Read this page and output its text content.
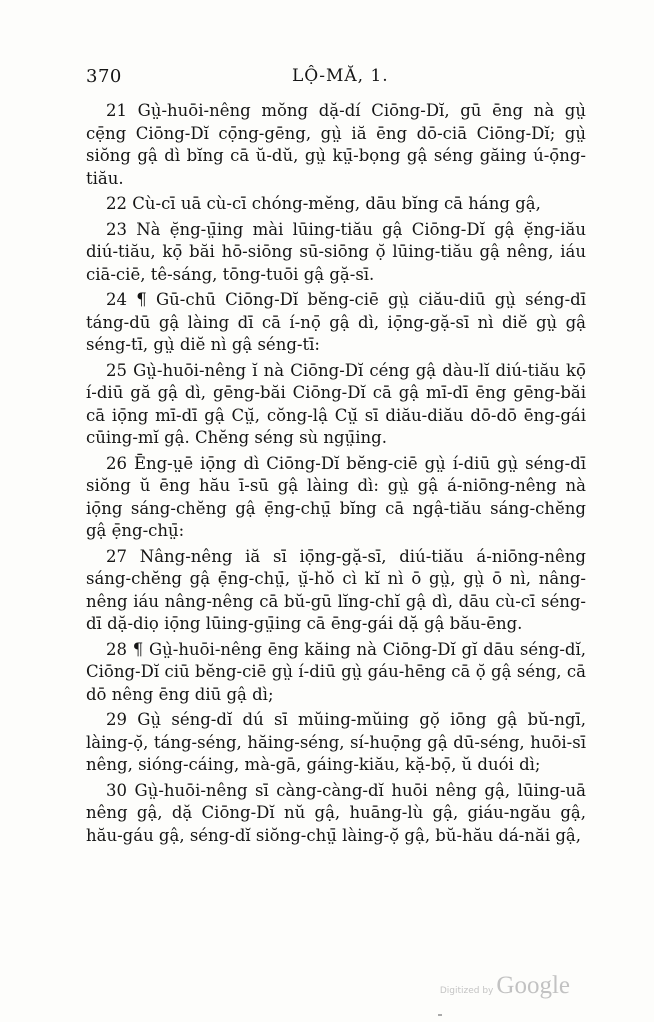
370	LỘ-MĂ, 1.

21 Gṳ̀-huōi-nêng mŏng dặ-dí Ciōng-Dĭ, gū ēng nà gṳ̀ cẹ̄ng Ciōng-Dĭ cọ̄ng-gēng, gṳ̀ iă ēng dō-ciā Ciōng-Dĭ; gṳ̀ siŏng gậ dì bĭng cā ŭ-dŭ, gṳ̀ kṳ̄-bọng gậ séng găing ú-ọ̄ng-tiău.

22 Cù-cī uā cù-cī chóng-mĕng, dāu bĭng cā háng gậ,

23 Nà ẹ̆ng-ṳ̄ing mài lūing-tiău gậ Ciōng-Dĭ gậ ẹ̆ng-iău diú-tiău, kọ̄ băi hō-siōng sū-siōng ọ̆ lūing-tiău gậ nêng, iáu ciā-ciē, tê-sáng, tōng-tuōi gậ gặ-sī.

24 ¶ Gū-chū Ciōng-Dĭ bĕng-ciē gṳ̀ ciău-diū gṳ̀ séng-dī táng-dū gậ làing dī cā í-nọ̄ gậ dì, iọ̄ng-gặ-sī nì diĕ gṳ̀ gậ séng-tī, gṳ̀ diĕ nì gậ séng-tī:

25 Gṳ̀-huōi-nêng ĭ nà Ciōng-Dĭ céng gậ dàu-lĭ diú-tiău kọ̄ í-diū gă gậ dì, gēng-băi Ciōng-Dĭ cā gậ mī-dī ēng gēng-băi cā iọ̄ng mī-dī gậ Cṳ̆, cŏng-lậ Cṳ̆ sī diău-diău dō-dō ēng-gái cūing-mĭ gậ. Chĕng séng sù ngṳ̄ing.

26 Ēng-ṳ̣ē iọ̄ng dì Ciōng-Dĭ bĕng-ciē gṳ̀ í-diū gṳ̀ séng-dī siŏng ŭ ēng hău ī-sū gậ làing dì: gṳ̀ gậ á-niōng-nêng nà iọ̄ng sáng-chĕng gậ ẹ̄ng-chṳ̄ bĭng cā ngậ-tiău sáng-chĕng gậ ẹ̄ng-chṳ̄:

27 Nâng-nêng iă sī iọ̄ng-gặ-sī, diú-tiău á-niōng-nêng sáng-chĕng gậ ẹ̄ng-chṳ̄, ṳ̆-hŏ cì kĭ nì ō gṳ̀, gṳ̀ ō nì, nâng-nêng iáu nâng-nêng cā bŭ-gū lĭng-chĭ gậ dì, dāu cù-cī séng-dī dặ-diọ iọ̄ng lūing-gṳ̄ing cā ēng-gái dặ gậ bău-ēng.

28 ¶ Gṳ̀-huōi-nêng ēng kăing nà Ciōng-Dĭ gĭ dāu séng-dĭ, Ciōng-Dĭ ciū bĕng-ciē gṳ̀ í-diū gṳ̀ gáu-hēng cā ọ̆ gậ séng, cā dō nêng ēng diū gậ dì;

29 Gṳ̀ séng-dĭ dú sī mŭing-mŭing gọ̆ iōng gậ bŭ-ngī, làing-ọ̆, táng-séng, hăing-séng, sí-huọ̄ng gậ dū-séng, huōi-sī nêng, sióng-cáing, mà-gā, gáing-kiău, kặ-bọ̄, ŭ duói dì;

30 Gṳ̀-huōi-nêng sī càng-càng-dĭ huōi nêng gậ, lūing-uā nêng gậ, dặ Ciōng-Dĭ nŭ gậ, huāng-lù gậ, giáu-ngău gậ, hău-gáu gậ, séng-dĭ siŏng-chṳ̄ làing-ọ̆ gậ, bŭ-hău dá-năi gậ,

Digitized by Google
